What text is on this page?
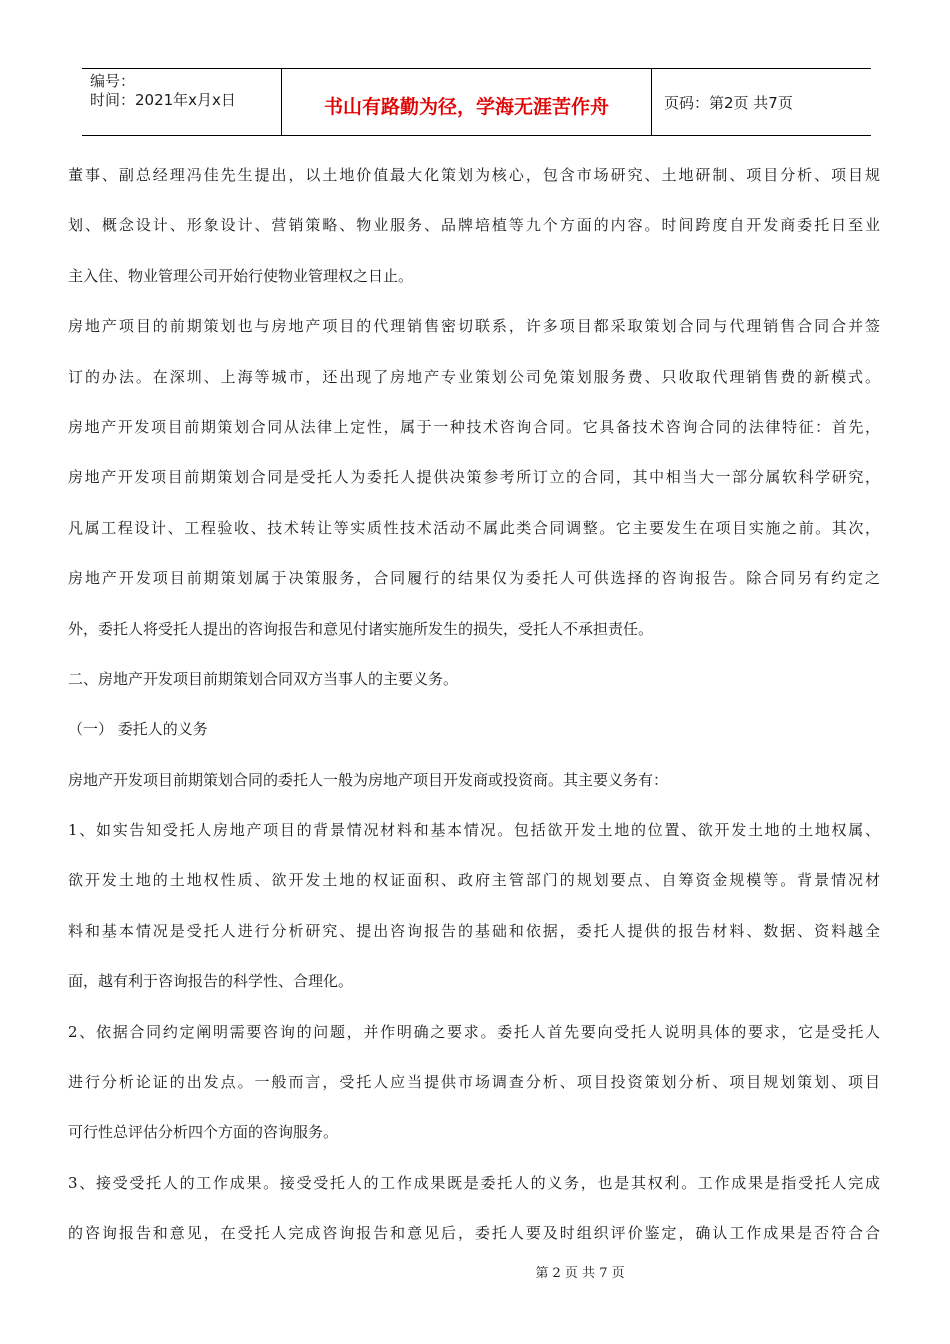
编号：
时间：2021年x月x日	书山有路勤为径，学海无涯苦作舟	页码：第2页 共7页
董事、副总经理冯佳先生提出，以土地价值最大化策划为核心，包含市场研究、土地研制、项目分析、项目规
划、概念设计、形象设计、营销策略、物业服务、品牌培植等九个方面的内容。时间跨度自开发商委托日至业
主入住、物业管理公司开始行使物业管理权之日止。
房地产项目的前期策划也与房地产项目的代理销售密切联系，许多项目都采取策划合同与代理销售合同合并签
订的办法。在深圳、上海等城市，还出现了房地产专业策划公司免策划服务费、只收取代理销售费的新模式。
房地产开发项目前期策划合同从法律上定性，属于一种技术咨询合同。它具备技术咨询合同的法律特征：首先，
房地产开发项目前期策划合同是受托人为委托人提供决策参考所订立的合同，其中相当大一部分属软科学研究，
凡属工程设计、工程验收、技术转让等实质性技术活动不属此类合同调整。它主要发生在项目实施之前。其次，
房地产开发项目前期策划属于决策服务，合同履行的结果仅为委托人可供选择的咨询报告。除合同另有约定之
外，委托人将受托人提出的咨询报告和意见付诸实施所发生的损失，受托人不承担责任。
二、房地产开发项目前期策划合同双方当事人的主要义务。
（一） 委托人的义务
房地产开发项目前期策划合同的委托人一般为房地产项目开发商或投资商。其主要义务有：
1、如实告知受托人房地产项目的背景情况材料和基本情况。包括欲开发土地的位置、欲开发土地的土地权属、
欲开发土地的土地权性质、欲开发土地的权证面积、政府主管部门的规划要点、自筹资金规模等。背景情况材
料和基本情况是受托人进行分析研究、提出咨询报告的基础和依据，委托人提供的报告材料、数据、资料越全
面，越有利于咨询报告的科学性、合理化。
2、依据合同约定阐明需要咨询的问题，并作明确之要求。委托人首先要向受托人说明具体的要求，它是受托人
进行分析论证的出发点。一般而言，受托人应当提供市场调查分析、项目投资策划分析、项目规划策划、项目
可行性总评估分析四个方面的咨询服务。
3、接受受托人的工作成果。接受受托人的工作成果既是委托人的义务，也是其权利。工作成果是指受托人完成
的咨询报告和意见，在受托人完成咨询报告和意见后，委托人要及时组织评价鉴定，确认工作成果是否符合合
第 2 页 共 7 页
